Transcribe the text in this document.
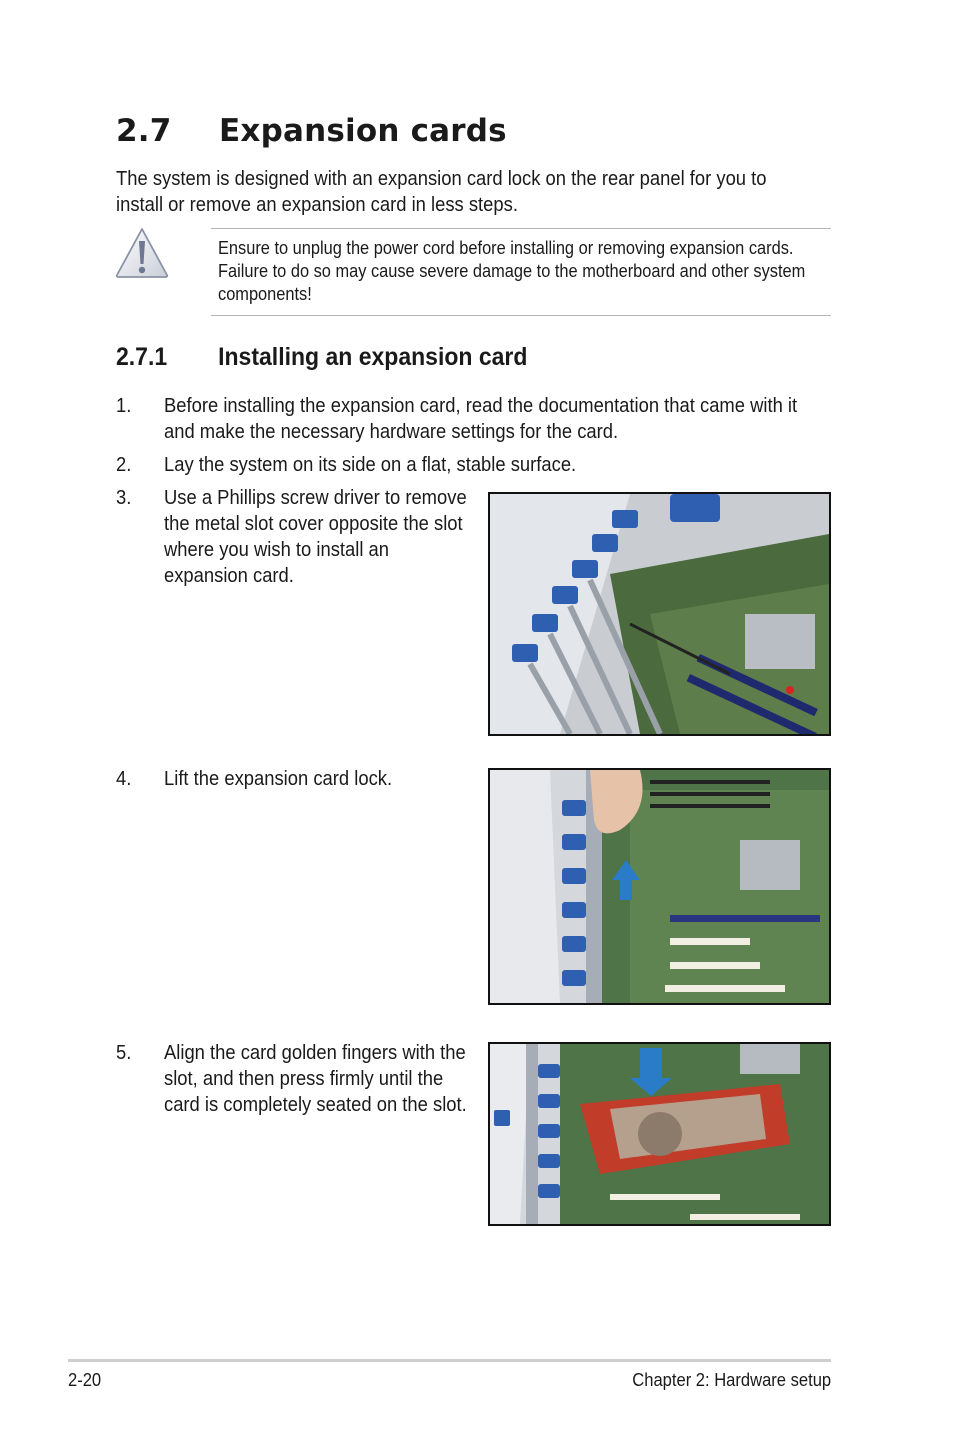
2.7 Expansion cards
The system is designed with an expansion card lock on the rear panel for you to install or remove an expansion card in less steps.
Ensure to unplug the power cord before installing or removing expansion cards. Failure to do so may cause severe damage to the motherboard and other system components!
2.7.1 Installing an expansion card
1. Before installing the expansion card, read the documentation that came with it and make the necessary hardware settings for the card.
2. Lay the system on its side on a flat, stable surface.
3. Use a Phillips screw driver to remove the metal slot cover opposite the slot where you wish to install an expansion card.
4. Lift the expansion card lock.
5. Align the card golden fingers with the slot, and then press firmly until the card is completely seated on the slot.
2-20	Chapter 2: Hardware setup
